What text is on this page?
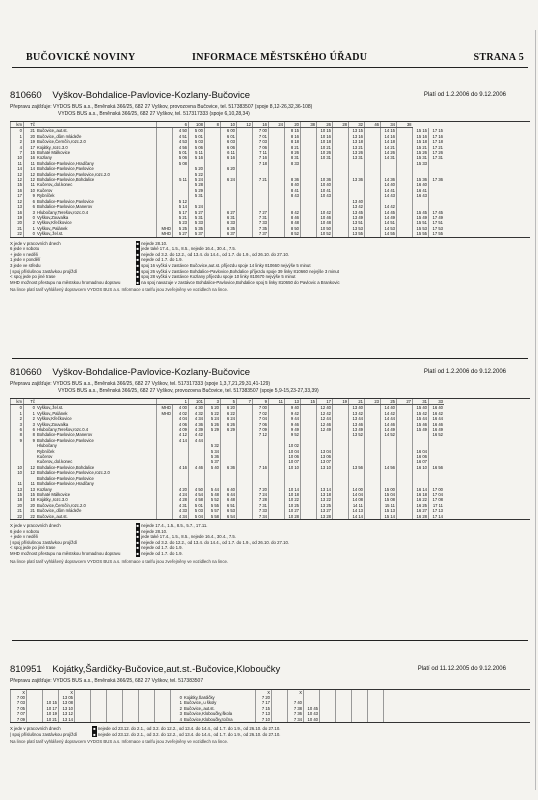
BUČOVICKÉ NOVINY	INFORMACE MĚSTSKÉHO ÚŘADU	STRANA 5
810660 Vyškov-Bohdalice-Pavlovice-Kozlany-Bučovice	Platí od 1.2.2006 do 9.12.2006
Přepravu zajišťuje: VYDOS BUS a.s., Brněnská 366/25, 682 27 Vyškov, provozovna Bučovice, tel. 517383507 (spoje 8,12-26,32,36-108)
VYDOS BUS a.s., Brněnská 366/25, 682 27 Vyškov, tel. 517317333 (spoje 6,10,28,34)
km	Tč		6		108	8	10	12	16	24	20	38	26	28	32	46	34	38		
0	21	Bučovice,,aut.st.		4 50	5 00		6 00		7 00		8 15		10 15		13 15		14 15		15 15	17 15
1	20	Bučovice,,dům mládeže		4 51	5 01		6 01		7 01		8 16		10 16		13 16		14 16		15 16	17 16
2	19	Bučovice,Černčín,rozc.2.0		4 53	5 03		6 03		7 03		8 18		10 18		13 18		14 18		15 18	17 18
4	17	Kojátky,,rozc.3.0		4 56	5 06		6 06		7 06		8 21		10 21		13 21		14 21		15 21	17 21
7	15	Bohaté Málkovice		5 01	5 11		6 11		7 11		8 26		10 26		13 26		14 26		15 26	17 26
10	16	Kozlany		5 06	5 16		6 16		7 16		8 31		10 31		13 31		14 31		15 31	17 31
11	11	Bohdalice-Pavlovice,Hradčany		5 08					7 18		8 33								15 33	
14	14	Bohdalice-Pavlovice,Pavlovice			5 20		6 20													
12	12	Bohdalice-Pavlovice,Pavlovice,rozc.2.0			5 22															
12	12	Bohdalice-Pavlovice,Bohdalice		5 11	5 24		6 24		7 21		8 36		10 36		13 36		14 36		15 36	17 36
15	11	Kučerov,,dol.konec			5 28						8 40		10 40				14 40		16 40	
16	10	Kučerov			5 29						8 41		10 41				14 41		16 41	
17	9	Rybníček			5 31						8 43		10 43				14 43		16 43	
12	6	Bohdalice-Pavlovice,Pavlovice		5 12											13 40					
13	6	Bohdalice-Pavlovice,Manerov		5 14	5 24										13 42		14 42			
16	3	Hlubočany,Terešov,rozc.0.4		5 17	5 27		6 27		7 27		8 42		10 42		13 45		14 45		15 45	17 45
19	0	Vyškov,Zouvalka		5 21	5 31		6 31		7 31		8 46		10 46		13 49		14 49		15 49	17 49
20	2	Vyškov,Křečkovice		5 23	5 33		6 33		7 33		8 48		10 48		13 51		14 51		15 51	17 51
21	1	Vyškov,,Palánek	MHD	5 25	5 35		6 35		7 35		8 50		10 50		13 53		14 53		15 53	17 53
22	0	Vyškov,,žel.st.	MHD	5 27	5 37		6 37		7 37		8 52		10 52		13 55		14 55		15 55	17 55
X jede v pracovních dnech
6 jede v sobotu
+ jede v neděli
1 jede v pondělí
3 jede ve středu
| spoj příslušnou zastávkou projíždí
< spoj jede po jiné trase
MHD možnost přestupu na městskou hromadnou dopravu

■ nejede 28.10.
■ jede také 17.4., 1.5., 8.5., nejede 16.4., 30.4., 7.5.
■ nejede od 3.2. do 12.2., od 13.4. do 14.4., od 1.7. do 1.9., od 26.10. do 27.10.
■ nejede od 1.7. do 1.9.
■ spoj 16 vyčká v zastávce Bučovice,aut.st. příjezdu spoje 14 linky 810660 nejvýše 5 minut
■ spoj 26 vyčká v zastávce Bohdalice-Pavlovice,Bohdalice příjezdu spoje 39 linky 810660 nejvýše 3 minut
■ spoj 28 vyčká v zastávce Kozlany příjezdu spoje 10 linky 810670 nejvýše 5 minut
■ na spoj navazuje v zastávce Bohdalice-Pavlovice,Bohdalice spoj 5 linky 810650 do Pavlovic a Brankovic
Na lince platí tarif vyhlášený dopravcem VYDOS BUS a.s. Informace o tarifu jsou zveřejněny ve vozidlech na lince.
810660 Vyškov-Bohdalice-Pavlovice-Kozlany-Bučovice	Platí od 1.2.2006 do 9.12.2006
Přepravu zajišťuje: VYDOS BUS a.s., Brněnská 366/25, 682 27 Vyškov, tel. 517317333 (spoje 1,3,7,21,29,31,41-129)
VYDOS BUS a.s., Brněnská 366/25, 682 27 Vyškov, provozovna Bučovice, tel. 517383507 (spoje 5,9-15,23-27,33,39)
km	Tč		1		101	3	5	7	9	11	13	15	17	19	21	23	25	27	31	33
0	0	Vyškov,,žel.st.	MHD	4 00	4 30	5 20	6 20		7 00		9 40		12 40		13 40		14 40		15 40	16 40
1	1	Vyškov,,Palánek	MHD	4 02	4 32	5 22	6 22		7 02		9 42		12 42		13 42		14 42		15 42	16 42
2	2	Vyškov,Křečkovice		4 04	4 34	5 24	6 24		7 04		9 44		12 44		13 44		14 44		15 44	16 44
3	3	Vyškov,Zouvalka		4 06	4 36	5 26	6 26		7 06		9 46		12 46		13 46		14 46		15 46	16 46
6	6	Hlubočany,Terešov,rozc.0.4		4 09	4 39	5 29	6 29		7 09		9 49		12 49		13 49		14 49		15 49	16 49
8	8	Bohdalice-Pavlovice,Manerov		4 12	4 42				7 12		9 52				13 52		14 52			16 52
9	9	Bohdalice-Pavlovice,Pavlovice		4 14	4 44															
		Hlubočany				5 32					10 02									
		Rybníček				5 34					10 04		13 04						16 04	
		Kučerov				5 36					10 06		13 06						16 06	
		Kučerov,,dol.konec				5 37					10 07		13 07						16 07	
10	12	Bohdalice-Pavlovice,Bohdalice		4 16	4 46	5 40	6 36		7 16		10 10		13 10		13 56		14 56		16 10	16 56
10	12	Bohdalice-Pavlovice,Pavlovice,rozc.2.0																		
		Bohdalice-Pavlovice,Pavlovice																		
11	11	Bohdalice-Pavlovice,Hradčany																		
13	13	Kozlany		4 20	4 50	5 44	6 40		7 20		10 14		13 14		14 00		15 00		16 14	17 00
15	15	Bohaté Málkovice		4 24	4 54	5 48	6 44		7 24		10 18		13 18		14 04		15 04		16 18	17 04
18	18	Kojátky,,rozc.3.0		4 28	4 58	5 52	6 48		7 28		10 22		13 22		14 08		15 08		16 22	17 08
20	20	Bučovice,Černčín,rozc.2.0		4 31	5 01	5 55	6 51		7 31		10 25		13 25		14 11		15 11		16 25	17 11
21	21	Bučovice,,dům mládeže		4 33	5 03	5 57	6 53		7 33		10 27		13 27		14 13		15 13		16 27	17 13
22	22	Bučovice,,aut.st.		4 34	5 04	5 58	6 54		7 34		10 28		13 28		14 14		15 14		16 28	17 14
X jede v pracovních dnech
6 jede v sobotu
+ jede v neděli
| spoj příslušnou zastávkou projíždí
< spoj jede po jiné trase
MHD možnost přestupu na městskou hromadnou dopravu

■ nejede 17.4., 1.5., 8.5., 5.7., 17.11.
■ nejede 28.10.
■ jede také 17.4., 1.5., 8.5., nejede 16.4., 30.4., 7.5.
■ nejede od 3.2. do 12.2., od 13.4. do 14.4., od 1.7. do 1.9., od 26.10. do 27.10.
■ nejede od 1.7. do 1.9.
■ nejede od 1.7. do 1.9.
Na lince platí tarif vyhlášený dopravcem VYDOS BUS a.s. Informace o tarifu jsou zveřejněny ve vozidlech na lince.
810951 Kojátky,Šardičky-Bučovice,aut.st.-Bučovice,Kloboučky	Platí od 11.12.2005 do 9.12.2006
Přepravu zajišťuje: VYDOS BUS a.s., Brněnská 366/25, 682 27 Vyškov, tel. 517383507
X			X									X		X						
7 00			13 05							0	Kojátky,Šardičky	7 20								
7 03		10 15	13 08							1	Bučovice,,u školy	7 17		7 40						
7 05		10 17	13 10							2	Bučovice,,aut.st.	7 15		7 38	10 45					
7 07		10 19	13 12							3	Bučovice,Kloboučky,škola	7 13		7 36	10 43					
7 09		10 21	13 14							4	Bučovice,Kloboučky,točna	7 10		7 34	10 40					
X jede v pracovních dnech
| spoj příslušnou zastávkou projíždí

■ nejede od 23.12. do 2.1., od 3.2. do 12.2., od 13.4. do 14.4., od 1.7. do 1.9., od 26.10. do 27.10.
■ nejede od 23.12. do 2.1., od 3.2. do 12.2., od 13.4. do 14.4., od 1.7. do 1.9., od 26.10. do 27.10.
Na lince platí tarif vyhlášený dopravcem VYDOS BUS a.s. Informace o tarifu jsou zveřejněny ve vozidlech na lince.
